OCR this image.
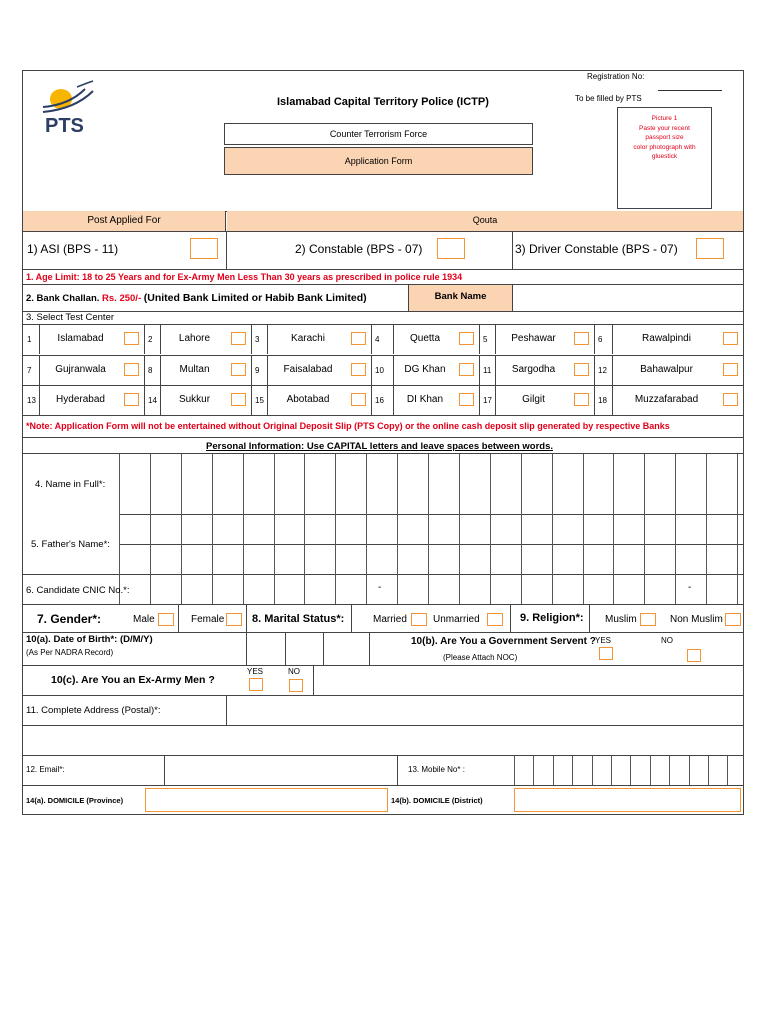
Registration No:
PTS
To be filled by PTS
Islamabad Capital Territory Police (ICTP)
Counter Terrorism Force
Application Form
Picture 1
Paste your recent
passport size
color photograph with
gluestick
Post Applied For	Qouta
1) ASI (BPS - 11)	2) Constable (BPS - 07)	3) Driver Constable (BPS - 07)
1. Age Limit: 18 to 25 Years and for Ex-Army Men Less Than 30 years as prescribed in police rule 1934
2. Bank Challan. Rs. 250/- (United Bank Limited or Habib Bank Limited)	Bank Name
3. Select Test Center
1	Islamabad	2	Lahore	3	Karachi	4	Quetta	5	Peshawar	6	Rawalpindi
7	Gujranwala	8	Multan	9	Faisalabad	10	DG Khan	11	Sargodha	12	Bahawalpur
13	Hyderabad	14	Sukkur	15	Abotabad	16	DI Khan	17	Gilgit	18	Muzzafarabad
*Note: Application Form will not be entertained without Original Deposit Slip (PTS Copy) or the online cash deposit slip generated by respective Banks
Personal Information: Use CAPITAL letters and leave spaces between words.
4. Name in Full*:
5. Father's Name*:
6. Candidate CNIC No.*:	-	-
7. Gender*:	Male	Female	8. Marital Status*:	Married	Unmarried	9. Religion*: Muslim	Non Muslim
10(a). Date of Birth*: (D/M/Y)
(As Per NADRA Record)
10(b). Are You a Government Servent ?
(Please Attach NOC)
YES	NO
10(c). Are You an Ex-Army Men ?
YES	NO
11. Complete Address (Postal)*:
12. Email*:	13. Mobile No* :
14(a). DOMICILE (Province)	14(b). DOMICILE (District)
